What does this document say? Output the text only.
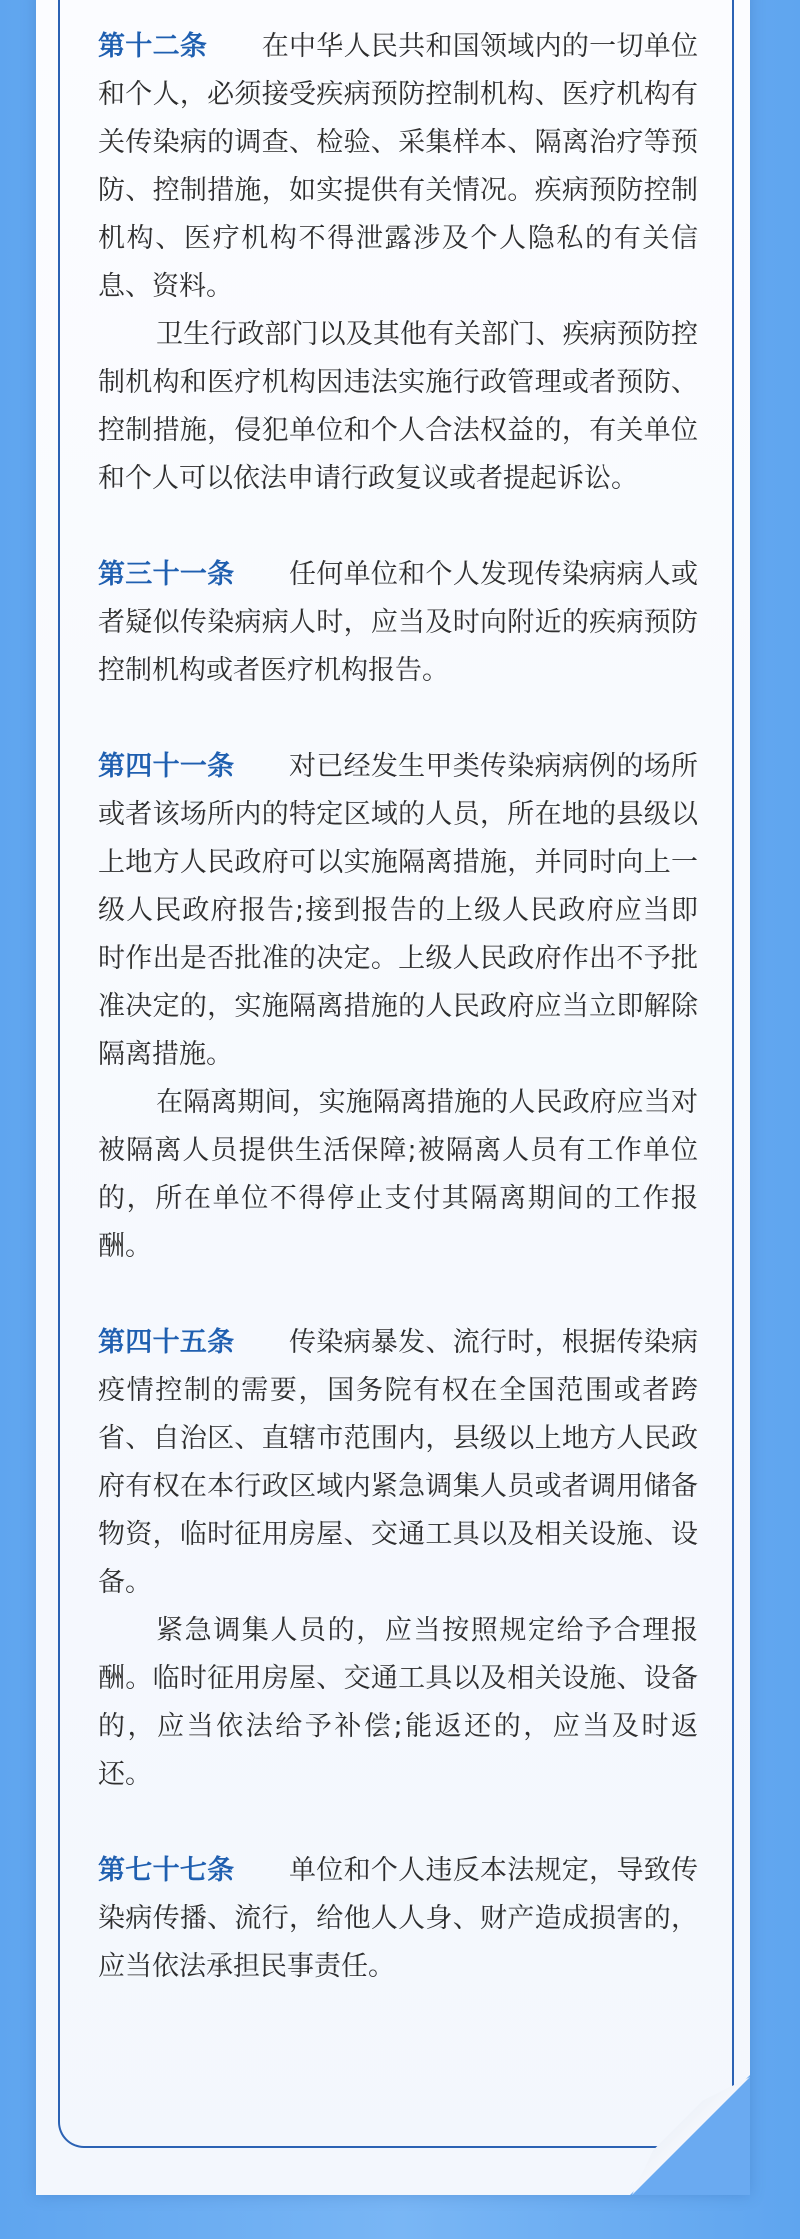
第十二条　　 在中华人民共和国领域内的一切单位和个人，必须接受疾病预防控制机构、医疗机构有关传染病的调查、检验、采集样本、隔离治疗等预防、控制措施，如实提供有关情况。疾病预防控制机构、医疗机构不得泄露涉及个人隐私的有关信息、资料。

卫生行政部门以及其他有关部门、疾病预防控制机构和医疗机构因违法实施行政管理或者预防、控制措施，侵犯单位和个人合法权益的，有关单位和个人可以依法申请行政复议或者提起诉讼。

第三十一条　　 任何单位和个人发现传染病病人或者疑似传染病病人时，应当及时向附近的疾病预防控制机构或者医疗机构报告。

第四十一条　　 对已经发生甲类传染病病例的场所或者该场所内的特定区域的人员，所在地的县级以上地方人民政府可以实施隔离措施，并同时向上一级人民政府报告;接到报告的上级人民政府应当即时作出是否批准的决定。上级人民政府作出不予批准决定的，实施隔离措施的人民政府应当立即解除隔离措施。

在隔离期间，实施隔离措施的人民政府应当对被隔离人员提供生活保障;被隔离人员有工作单位的，所在单位不得停止支付其隔离期间的工作报酬。

第四十五条　　 传染病暴发、流行时，根据传染病疫情控制的需要，国务院有权在全国范围或者跨省、自治区、直辖市范围内，县级以上地方人民政府有权在本行政区域内紧急调集人员或者调用储备物资，临时征用房屋、交通工具以及相关设施、设备。

紧急调集人员的，应当按照规定给予合理报酬。临时征用房屋、交通工具以及相关设施、设备的，应当依法给予补偿;能返还的，应当及时返还。

第七十七条　　 单位和个人违反本法规定，导致传染病传播、流行，给他人人身、财产造成损害的，应当依法承担民事责任。
